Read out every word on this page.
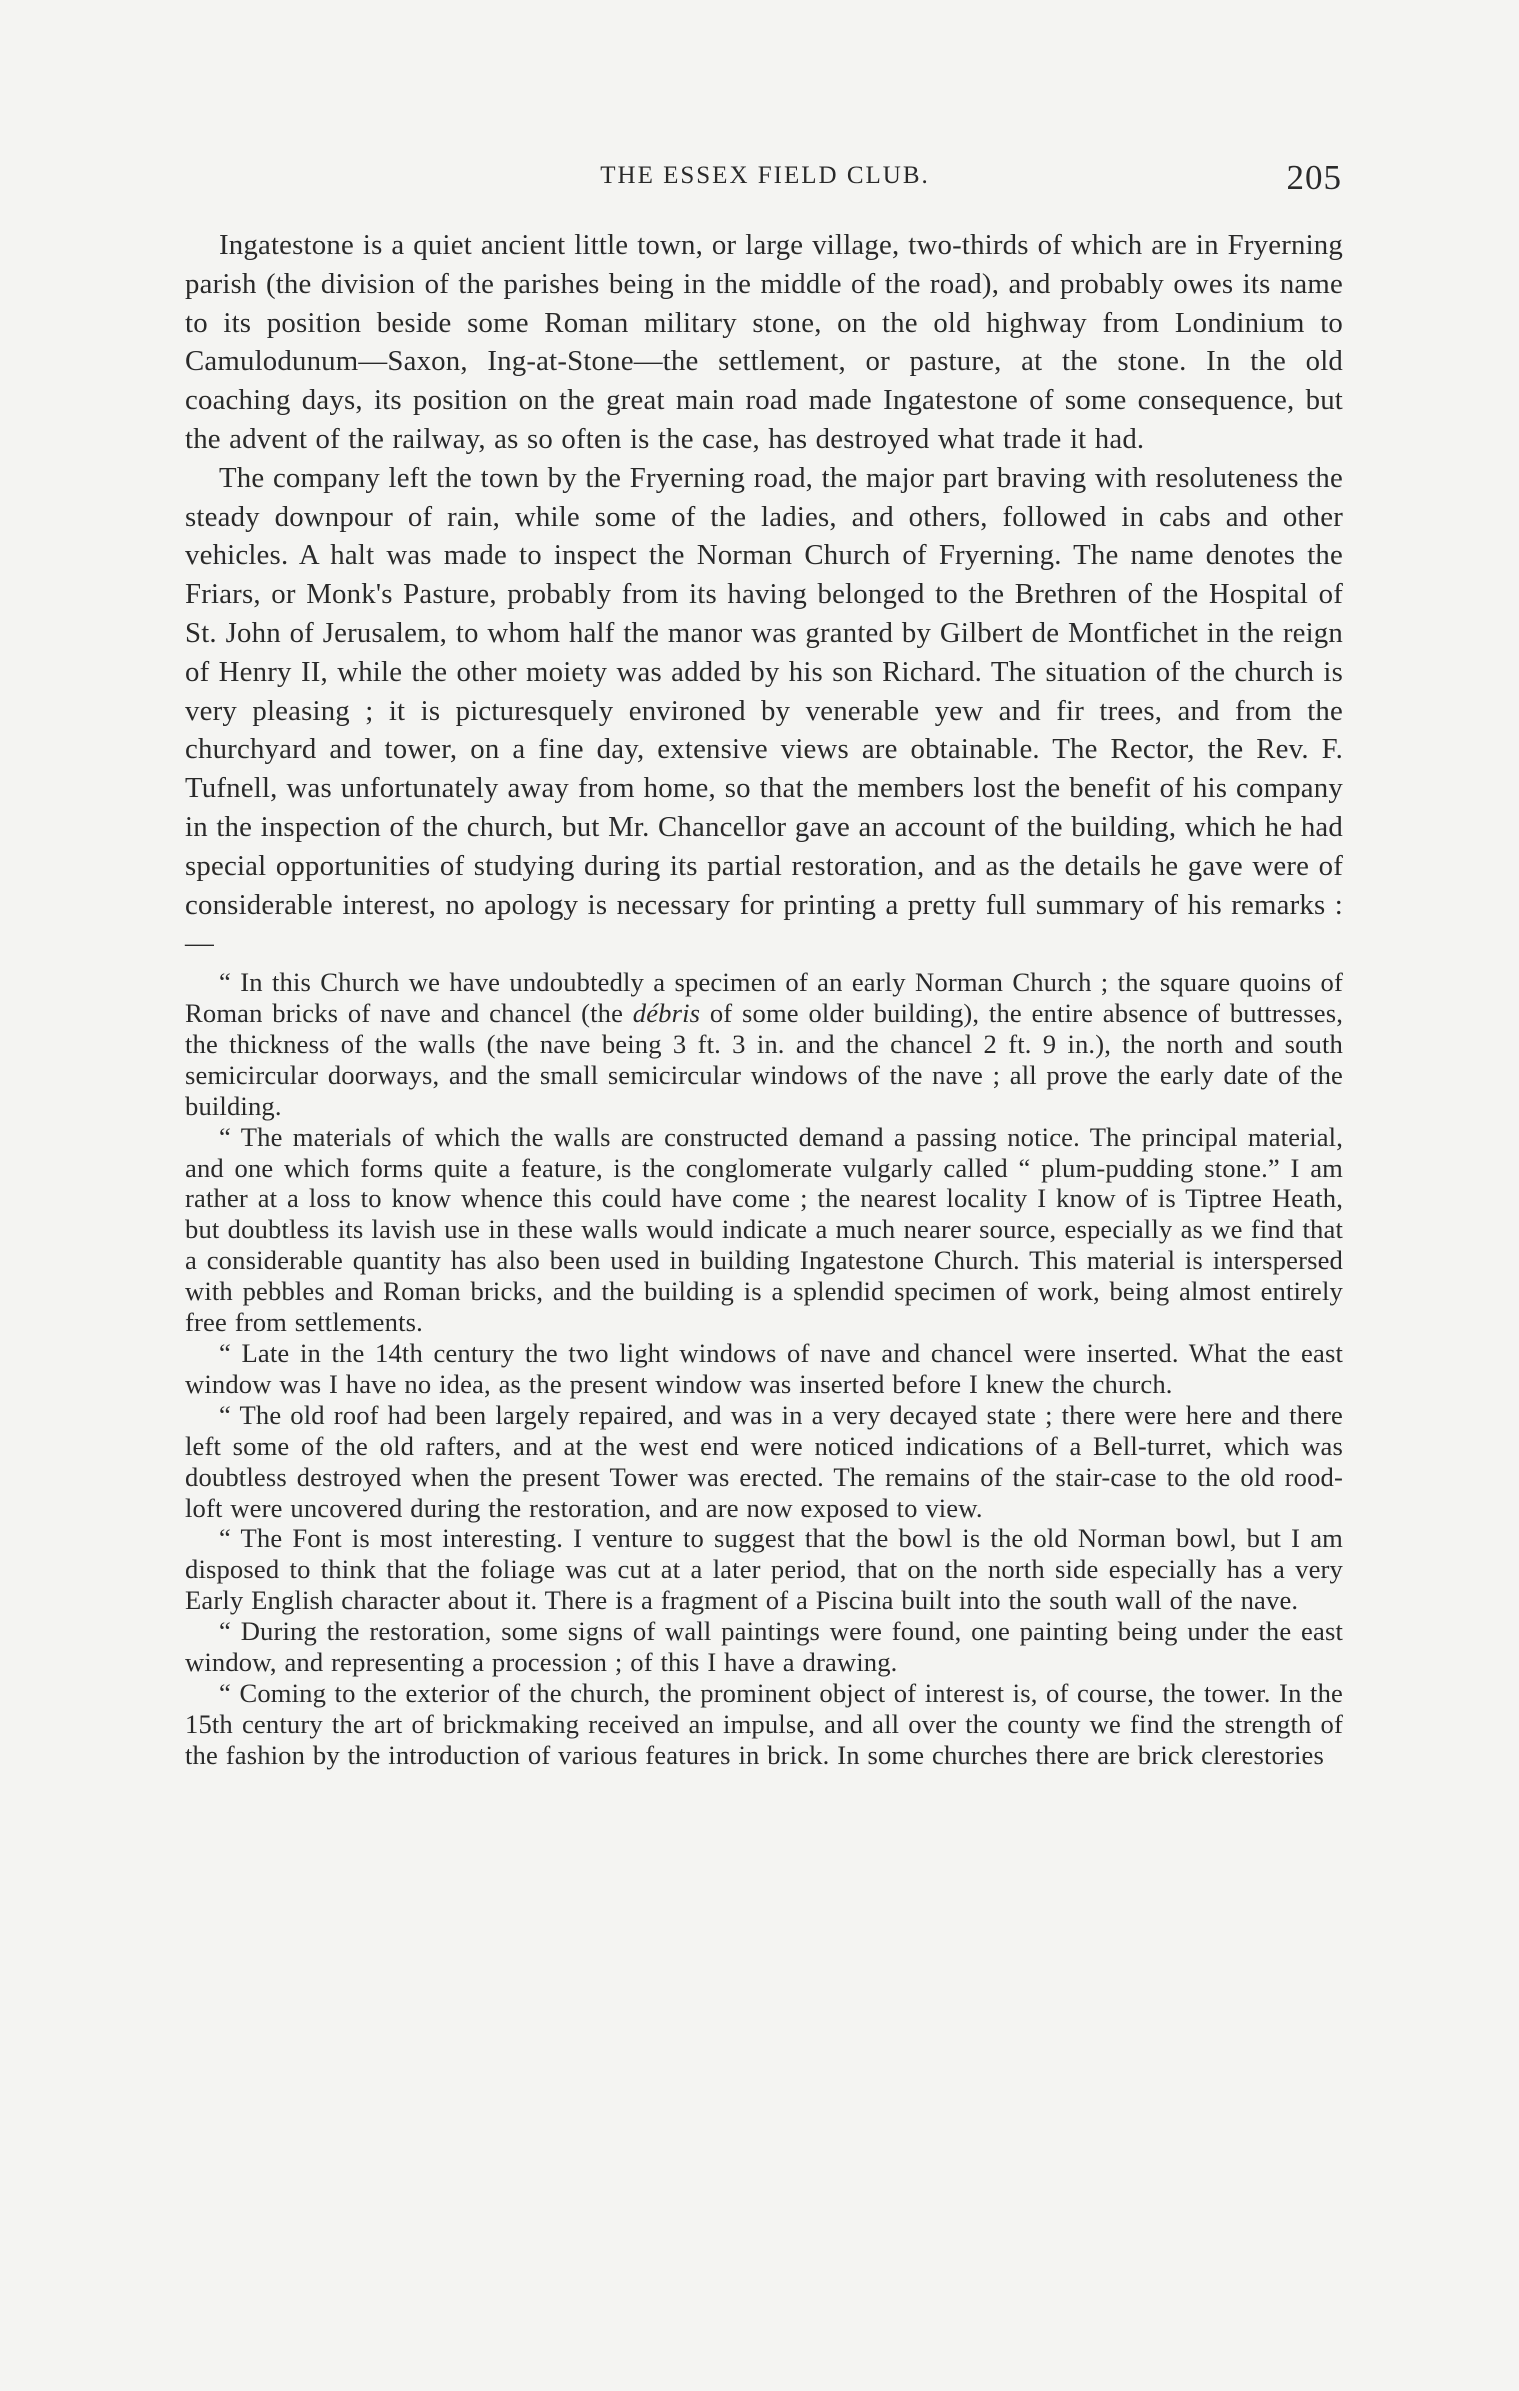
THE ESSEX FIELD CLUB.	205

Ingatestone is a quiet ancient little town, or large village, two-thirds of which are in Fryerning parish (the division of the parishes being in the middle of the road), and probably owes its name to its position beside some Roman military stone, on the old highway from Londinium to Camulodunum—Saxon, Ing-at-Stone—the settlement, or pasture, at the stone. In the old coaching days, its position on the great main road made Ingatestone of some consequence, but the advent of the railway, as so often is the case, has destroyed what trade it had.

The company left the town by the Fryerning road, the major part braving with resoluteness the steady downpour of rain, while some of the ladies, and others, followed in cabs and other vehicles. A halt was made to inspect the Norman Church of Fryerning. The name denotes the Friars, or Monk's Pasture, probably from its having belonged to the Brethren of the Hospital of St. John of Jerusalem, to whom half the manor was granted by Gilbert de Montfichet in the reign of Henry II, while the other moiety was added by his son Richard. The situation of the church is very pleasing ; it is picturesquely environed by venerable yew and fir trees, and from the churchyard and tower, on a fine day, extensive views are obtainable. The Rector, the Rev. F. Tufnell, was unfortunately away from home, so that the members lost the benefit of his company in the inspection of the church, but Mr. Chancellor gave an account of the building, which he had special opportunities of studying during its partial restoration, and as the details he gave were of considerable interest, no apology is necessary for printing a pretty full summary of his remarks :—

“ In this Church we have undoubtedly a specimen of an early Norman Church ; the square quoins of Roman bricks of nave and chancel (the débris of some older building), the entire absence of buttresses, the thickness of the walls (the nave being 3 ft. 3 in. and the chancel 2 ft. 9 in.), the north and south semicircular doorways, and the small semicircular windows of the nave ; all prove the early date of the building.

“ The materials of which the walls are constructed demand a passing notice. The principal material, and one which forms quite a feature, is the conglomerate vulgarly called “ plum-pudding stone.” I am rather at a loss to know whence this could have come ; the nearest locality I know of is Tiptree Heath, but doubtless its lavish use in these walls would indicate a much nearer source, especially as we find that a considerable quantity has also been used in building Ingatestone Church. This material is interspersed with pebbles and Roman bricks, and the building is a splendid specimen of work, being almost entirely free from settlements.

“ Late in the 14th century the two light windows of nave and chancel were inserted. What the east window was I have no idea, as the present window was inserted before I knew the church.

“ The old roof had been largely repaired, and was in a very decayed state ; there were here and there left some of the old rafters, and at the west end were noticed indications of a Bell-turret, which was doubtless destroyed when the present Tower was erected. The remains of the stair-case to the old rood-loft were uncovered during the restoration, and are now exposed to view.

“ The Font is most interesting. I venture to suggest that the bowl is the old Norman bowl, but I am disposed to think that the foliage was cut at a later period, that on the north side especially has a very Early English character about it. There is a fragment of a Piscina built into the south wall of the nave.

“ During the restoration, some signs of wall paintings were found, one painting being under the east window, and representing a procession ; of this I have a drawing.

“ Coming to the exterior of the church, the prominent object of interest is, of course, the tower. In the 15th century the art of brickmaking received an impulse, and all over the county we find the strength of the fashion by the introduction of various features in brick. In some churches there are brick clerestories
